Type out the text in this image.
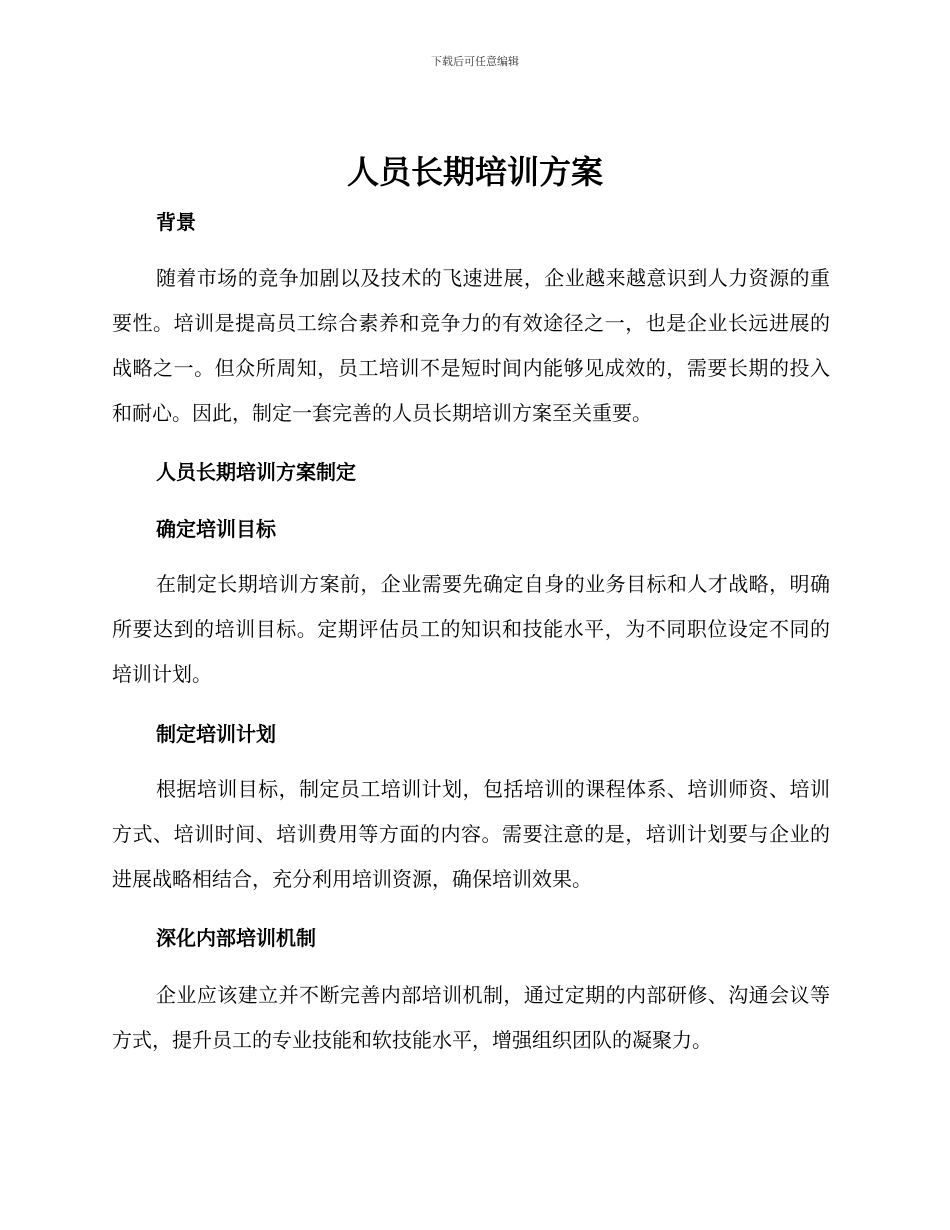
下载后可任意编辑
人员长期培训方案
背景

随着市场的竞争加剧以及技术的飞速进展，企业越来越意识到人力资源的重要性。培训是提高员工综合素养和竞争力的有效途径之一，也是企业长远进展的战略之一。但众所周知，员工培训不是短时间内能够见成效的，需要长期的投入和耐心。因此，制定一套完善的人员长期培训方案至关重要。

人员长期培训方案制定
确定培训目标

在制定长期培训方案前，企业需要先确定自身的业务目标和人才战略，明确所要达到的培训目标。定期评估员工的知识和技能水平，为不同职位设定不同的培训计划。

制定培训计划

根据培训目标，制定员工培训计划，包括培训的课程体系、培训师资、培训方式、培训时间、培训费用等方面的内容。需要注意的是，培训计划要与企业的进展战略相结合，充分利用培训资源，确保培训效果。

深化内部培训机制

企业应该建立并不断完善内部培训机制，通过定期的内部研修、沟通会议等方式，提升员工的专业技能和软技能水平，增强组织团队的凝聚力。
